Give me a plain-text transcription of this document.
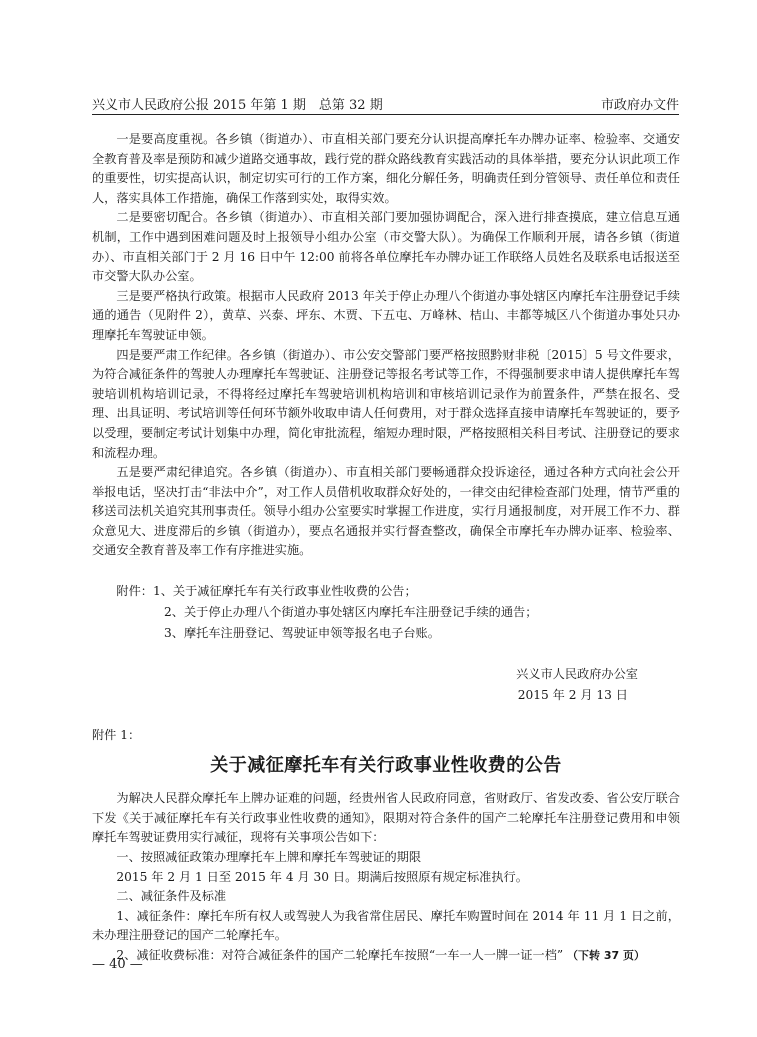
兴义市人民政府公报 2015 年第 1 期　总第 32 期	市政府办文件

一是要高度重视。各乡镇（街道办）、市直相关部门要充分认识提高摩托车办牌办证率、检验率、交通安全教育普及率是预防和减少道路交通事故，践行党的群众路线教育实践活动的具体举措，要充分认识此项工作的重要性，切实提高认识，制定切实可行的工作方案，细化分解任务，明确责任到分管领导、责任单位和责任人，落实具体工作措施，确保工作落到实处，取得实效。

二是要密切配合。各乡镇（街道办）、市直相关部门要加强协调配合，深入进行排查摸底，建立信息互通机制，工作中遇到困难问题及时上报领导小组办公室（市交警大队）。为确保工作顺利开展，请各乡镇（街道办）、市直相关部门于 2 月 16 日中午 12:00 前将各单位摩托车办牌办证工作联络人员姓名及联系电话报送至市交警大队办公室。

三是要严格执行政策。根据市人民政府 2013 年关于停止办理八个街道办事处辖区内摩托车注册登记手续通的通告（见附件 2），黄草、兴泰、坪东、木贾、下五屯、万峰林、桔山、丰都等城区八个街道办事处只办理摩托车驾驶证申领。

四是要严肃工作纪律。各乡镇（街道办）、市公安交警部门要严格按照黔财非税〔2015〕5 号文件要求，为符合减征条件的驾驶人办理摩托车驾驶证、注册登记等报名考试等工作，不得强制要求申请人提供摩托车驾驶培训机构培训记录，不得将经过摩托车驾驶培训机构培训和审核培训记录作为前置条件，严禁在报名、受理、出具证明、考试培训等任何环节额外收取申请人任何费用，对于群众选择直接申请摩托车驾驶证的，要予以受理，要制定考试计划集中办理，简化审批流程，缩短办理时限，严格按照相关科目考试、注册登记的要求和流程办理。

五是要严肃纪律追究。各乡镇（街道办）、市直相关部门要畅通群众投诉途径，通过各种方式向社会公开举报电话，坚决打击“非法中介”，对工作人员借机收取群众好处的，一律交由纪律检查部门处理，情节严重的移送司法机关追究其刑事责任。领导小组办公室要实时掌握工作进度，实行月通报制度，对开展工作不力、群众意见大、进度滞后的乡镇（街道办），要点名通报并实行督查整改，确保全市摩托车办牌办证率、检验率、交通安全教育普及率工作有序推进实施。

附件：1、关于减征摩托车有关行政事业性收费的公告；
2、关于停止办理八个街道办事处辖区内摩托车注册登记手续的通告；
3、摩托车注册登记、驾驶证申领等报名电子台账。
兴义市人民政府办公室
2015 年 2 月 13 日
附件 1：
关于减征摩托车有关行政事业性收费的公告

为解决人民群众摩托车上牌办证难的问题，经贵州省人民政府同意，省财政厅、省发改委、省公安厅联合下发《关于减征摩托车有关行政事业性收费的通知》，限期对符合条件的国产二轮摩托车注册登记费用和申领摩托车驾驶证费用实行减征，现将有关事项公告如下：

一、按照减征政策办理摩托车上牌和摩托车驾驶证的期限

2015 年 2 月 1 日至 2015 年 4 月 30 日。期满后按照原有规定标准执行。

二、减征条件及标准

1、减征条件：摩托车所有权人或驾驶人为我省常住居民、摩托车购置时间在 2014 年 11 月 1 日之前，未办理注册登记的国产二轮摩托车。

2、减征收费标准：对符合减征条件的国产二轮摩托车按照“一车一人一牌一证一档” （下转 37 页）

— 40 —
